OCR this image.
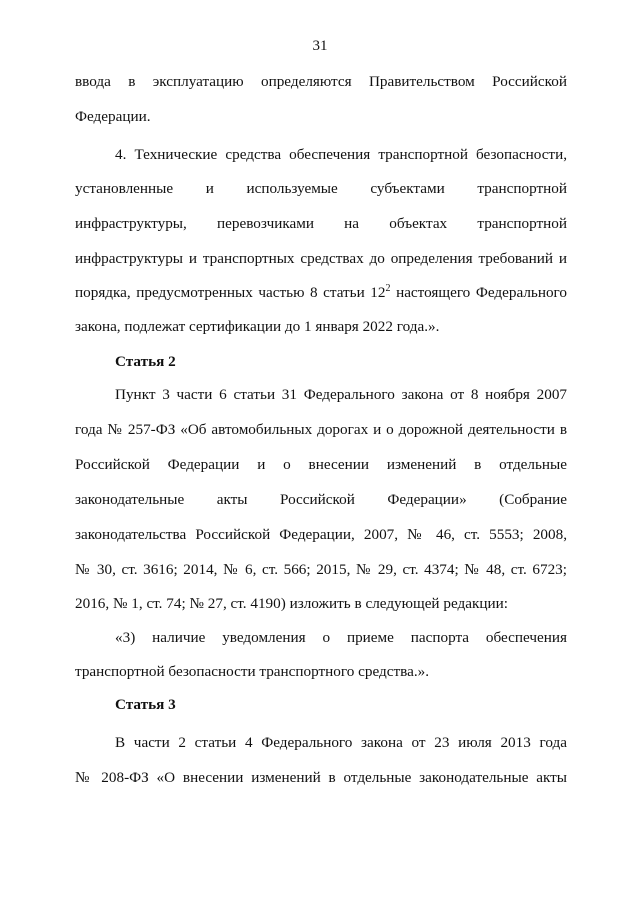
31
ввода в эксплуатацию определяются Правительством Российской
Федерации.
4. Технические средства обеспечения транспортной безопасности,
установленные и используемые субъектами транспортной
инфраструктуры, перевозчиками на объектах транспортной
инфраструктуры и транспортных средствах до определения требований и
порядка, предусмотренных частью 8 статьи $12^2$ настоящего Федерального
закона, подлежат сертификации до 1 января 2022 года.».
Статья 2
Пункт 3 части 6 статьи 31 Федерального закона от 8 ноября 2007
года № 257-ФЗ «Об автомобильных дорогах и о дорожной деятельности в
Российской Федерации и о внесении изменений в отдельные
законодательные акты Российской Федерации» (Собрание
законодательства Российской Федерации, 2007, № 46, ст. 5553; 2008,
№ 30, ст. 3616; 2014, № 6, ст. 566; 2015, № 29, ст. 4374; № 48, ст. 6723;
2016, № 1, ст. 74; № 27, ст. 4190) изложить в следующей редакции:
«3) наличие уведомления о приеме паспорта обеспечения
транспортной безопасности транспортного средства.».
Статья 3
В части 2 статьи 4 Федерального закона от 23 июля 2013 года
№ 208-ФЗ «О внесении изменений в отдельные законодательные акты
